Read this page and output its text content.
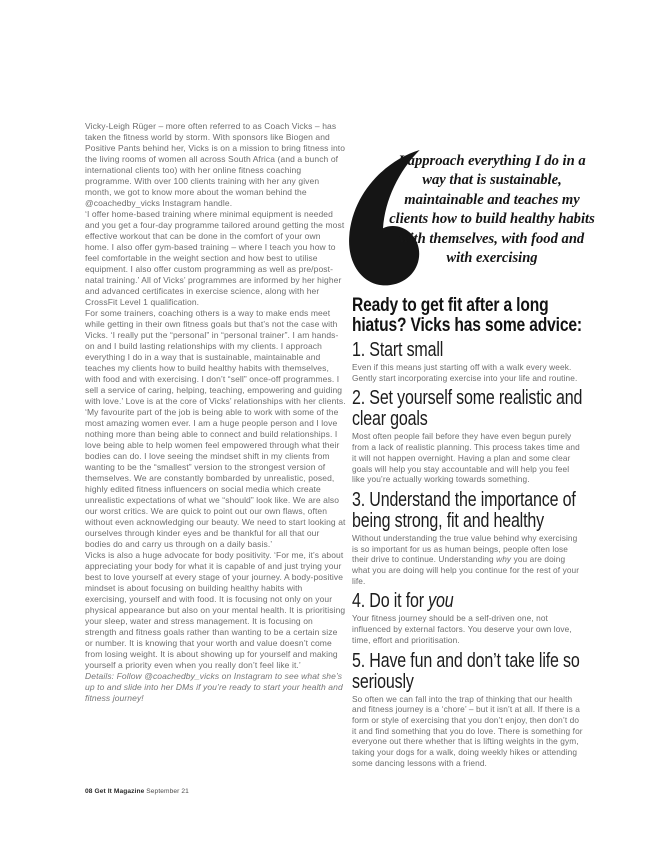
Vicky-Leigh Rüger – more often referred to as Coach Vicks – has taken the fitness world by storm. With sponsors like Biogen and Positive Pants behind her, Vicks is on a mission to bring fitness into the living rooms of women all across South Africa (and a bunch of international clients too) with her online fitness coaching programme. With over 100 clients training with her any given month, we got to know more about the woman behind the @coachedby_vicks Instagram handle.

‘I offer home-based training where minimal equipment is needed and you get a four-day programme tailored around getting the most effective workout that can be done in the comfort of your own home. I also offer gym-based training – where I teach you how to feel comfortable in the weight section and how best to utilise equipment. I also offer custom programming as well as pre/post-natal training.’ All of Vicks’ programmes are informed by her higher and advanced certificates in exercise science, along with her CrossFit Level 1 qualification.

For some trainers, coaching others is a way to make ends meet while getting in their own fitness goals but that’s not the case with Vicks. ‘I really put the “personal” in “personal trainer”. I am hands-on and I build lasting relationships with my clients. I approach everything I do in a way that is sustainable, maintainable and teaches my clients how to build healthy habits with themselves, with food and with exercising. I don’t “sell” once-off programmes. I sell a service of caring, helping, teaching, empowering and guiding with love.’ Love is at the core of Vicks’ relationships with her clients. ‘My favourite part of the job is being able to work with some of the most amazing women ever. I am a huge people person and I love nothing more than being able to connect and build relationships. I love being able to help women feel empowered through what their bodies can do. I love seeing the mindset shift in my clients from wanting to be the “smallest” version to the strongest version of themselves. We are constantly bombarded by unrealistic, posed, highly edited fitness influencers on social media which create unrealistic expectations of what we “should” look like. We are also our worst critics. We are quick to point out our own flaws, often without even acknowledging our beauty. We need to start looking at ourselves through kinder eyes and be thankful for all that our bodies do and carry us through on a daily basis.’

Vicks is also a huge advocate for body positivity. ‘For me, it’s about appreciating your body for what it is capable of and just trying your best to love yourself at every stage of your journey. A body-positive mindset is about focusing on building healthy habits with exercising, yourself and with food. It is focusing not only on your physical appearance but also on your mental health. It is prioritising your sleep, water and stress management. It is focusing on strength and fitness goals rather than wanting to be a certain size or number. It is knowing that your worth and value doesn’t come from losing weight. It is about showing up for yourself and making yourself a priority even when you really don’t feel like it.’

Details: Follow @coachedby_vicks on Instagram to see what she’s up to and slide into her DMs if you’re ready to start your health and fitness journey!

I approach everything I do in a way that is sustainable, maintainable and teaches my clients how to build healthy habits with themselves, with food and with exercising
Ready to get fit after a long hiatus? Vicks has some advice:
1. Start small

Even if this means just starting off with a walk every week. Gently start incorporating exercise into your life and routine.

2. Set yourself some realistic and clear goals

Most often people fail before they have even begun purely from a lack of realistic planning. This process takes time and it will not happen overnight. Having a plan and some clear goals will help you stay accountable and will help you feel like you’re actually working towards something.

3. Understand the importance of being strong, fit and healthy

Without understanding the true value behind why exercising is so important for us as human beings, people often lose their drive to continue. Understanding why you are doing what you are doing will help you continue for the rest of your life.

4. Do it for you

Your fitness journey should be a self-driven one, not influenced by external factors. You deserve your own love, time, effort and prioritisation.

5. Have fun and don’t take life so seriously

So often we can fall into the trap of thinking that our health and fitness journey is a ‘chore’ – but it isn’t at all. If there is a form or style of exercising that you don’t enjoy, then don’t do it and find something that you do love. There is something for everyone out there whether that is lifting weights in the gym, taking your dogs for a walk, doing weekly hikes or attending some dancing lessons with a friend.

08 Get It Magazine September 21
